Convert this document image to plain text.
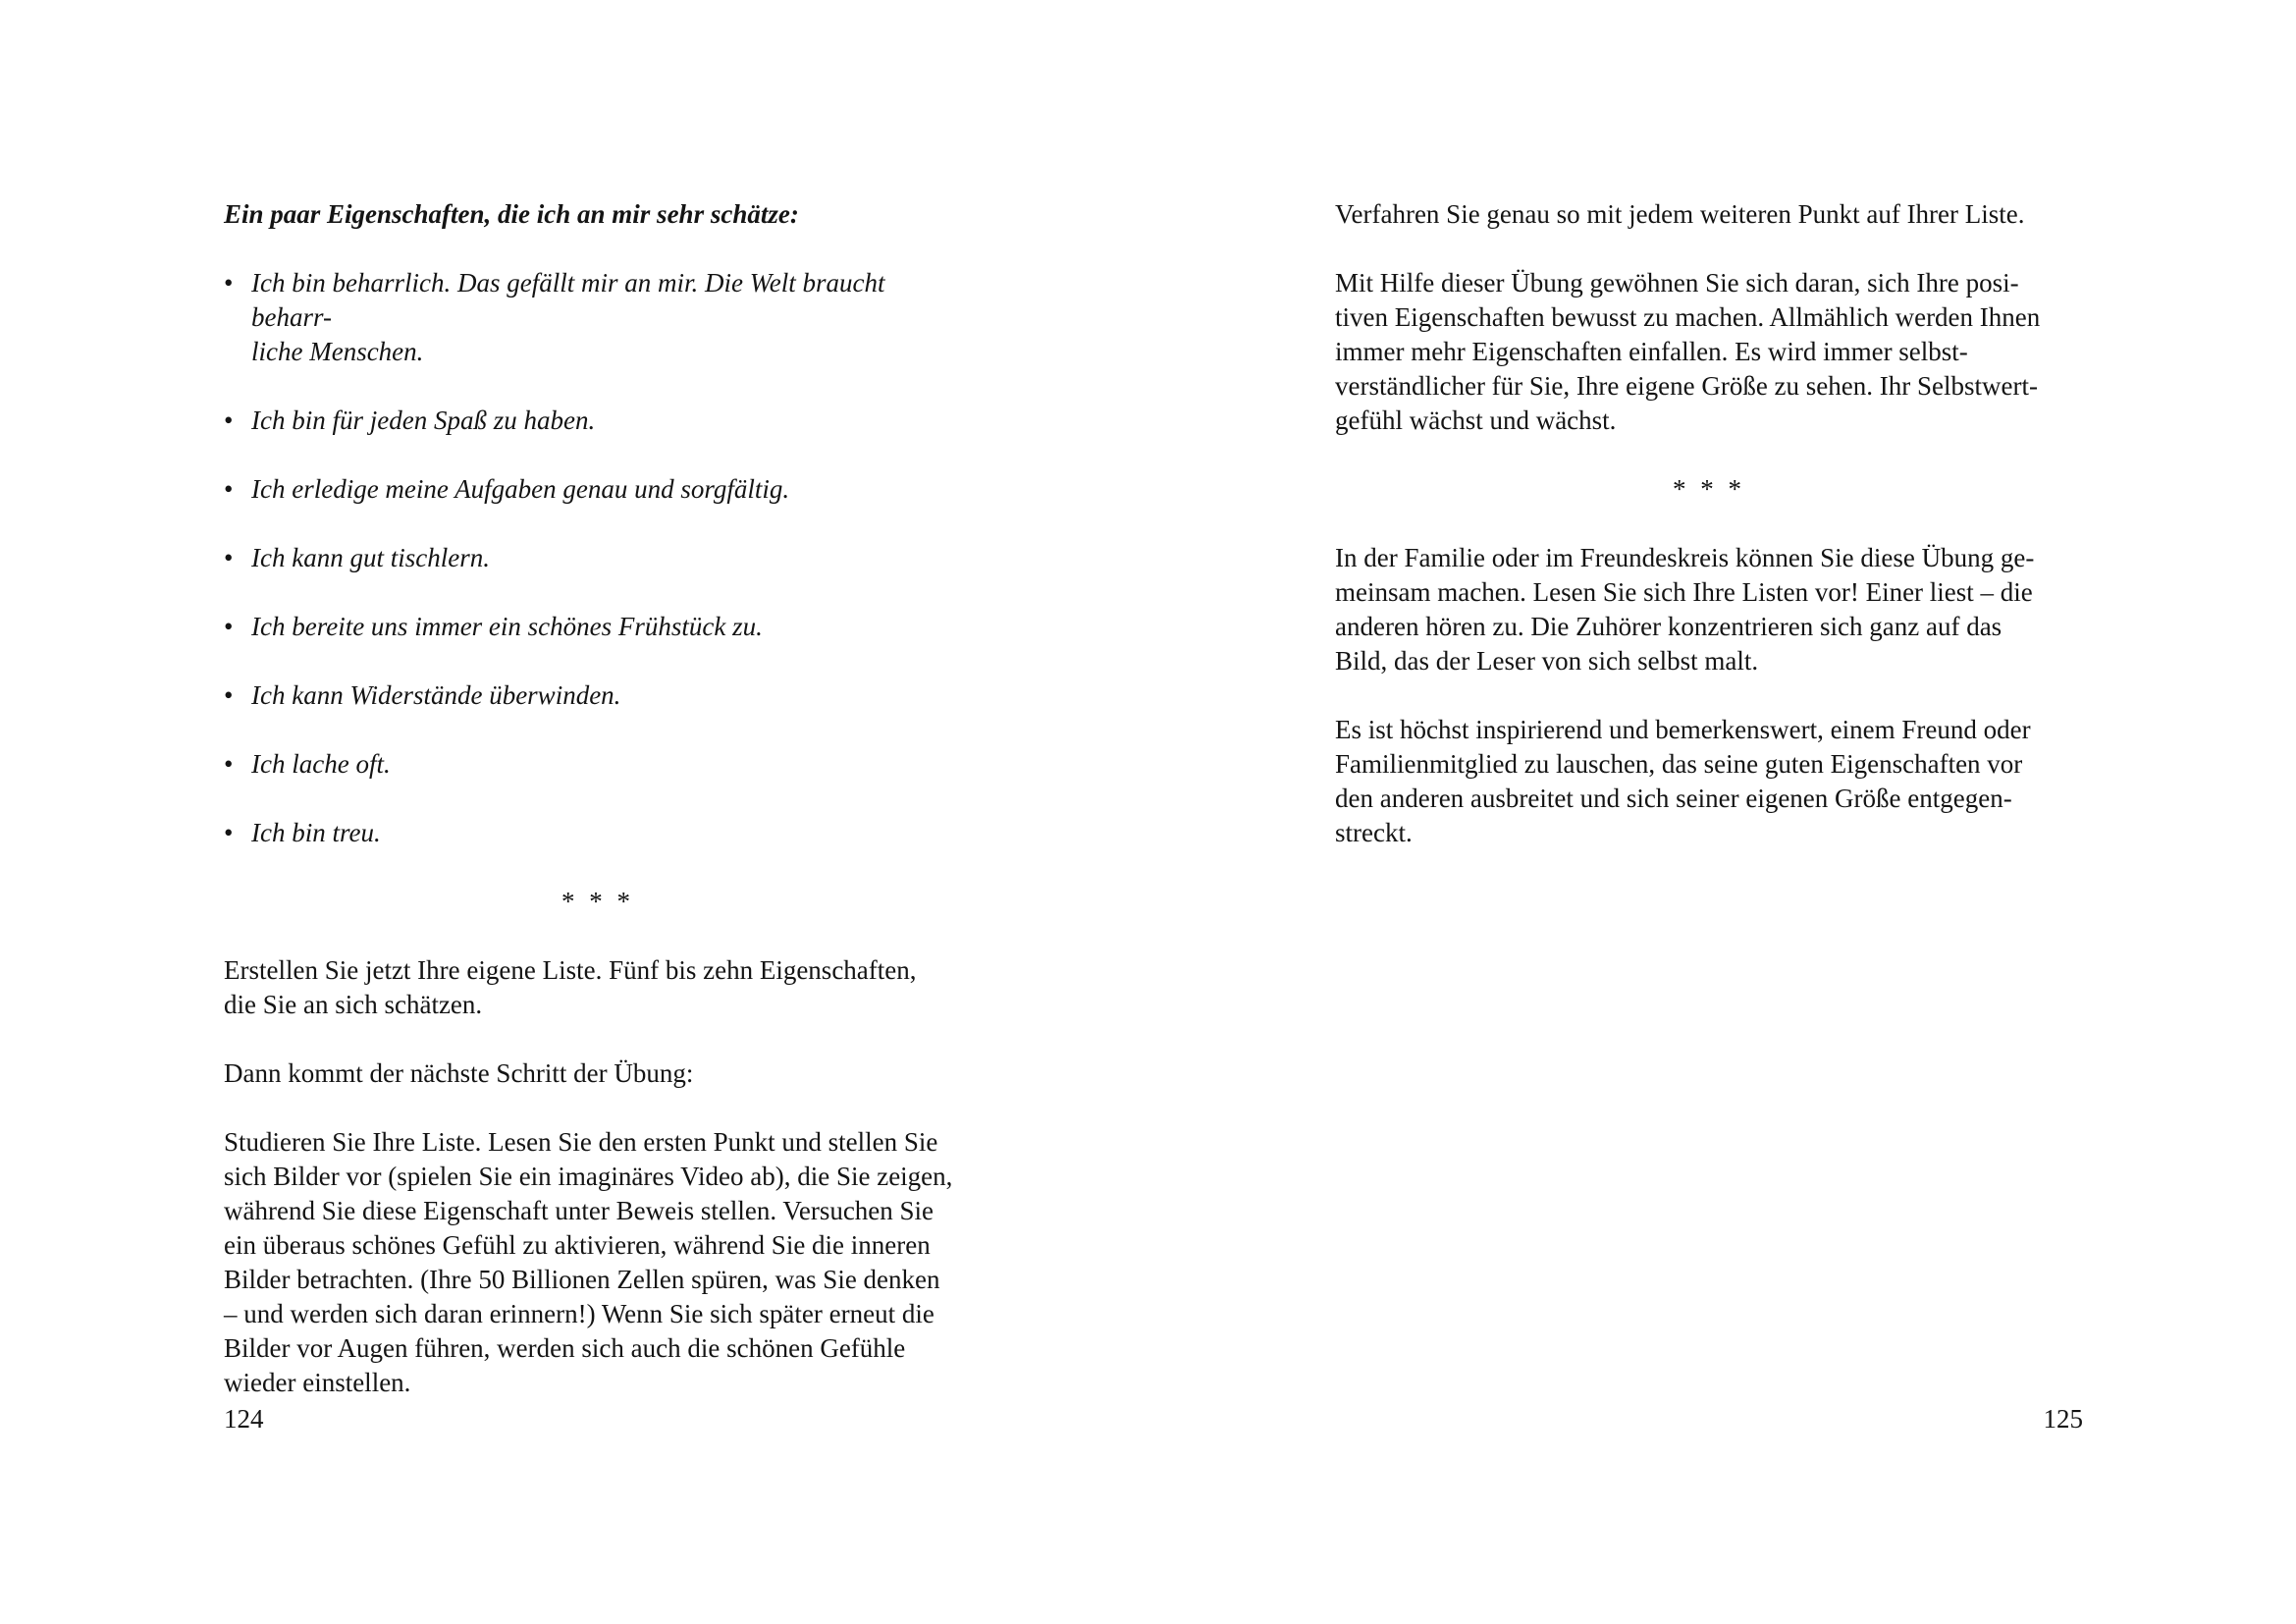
Ein paar Eigenschaften, die ich an mir sehr schätze:

• Ich bin beharrlich. Das gefällt mir an mir. Die Welt braucht beharr-
liche Menschen.
• Ich bin für jeden Spaß zu haben.
• Ich erledige meine Aufgaben genau und sorgfältig.
• Ich kann gut tischlern.
• Ich bereite uns immer ein schönes Frühstück zu.
• Ich kann Widerstände überwinden.
• Ich lache oft.
• Ich bin treu.
* * *

Erstellen Sie jetzt Ihre eigene Liste. Fünf bis zehn Eigenschaften,
die Sie an sich schätzen.

Dann kommt der nächste Schritt der Übung:

Studieren Sie Ihre Liste. Lesen Sie den ersten Punkt und stellen Sie
sich Bilder vor (spielen Sie ein imaginäres Video ab), die Sie zeigen,
während Sie diese Eigenschaft unter Beweis stellen. Versuchen Sie
ein überaus schönes Gefühl zu aktivieren, während Sie die inneren
Bilder betrachten. (Ihre 50 Billionen Zellen spüren, was Sie denken
– und werden sich daran erinnern!) Wenn Sie sich später erneut die
Bilder vor Augen führen, werden sich auch die schönen Gefühle
wieder einstellen.

124

Verfahren Sie genau so mit jedem weiteren Punkt auf Ihrer Liste.

Mit Hilfe dieser Übung gewöhnen Sie sich daran, sich Ihre posi-
tiven Eigenschaften bewusst zu machen. Allmählich werden Ihnen
immer mehr Eigenschaften einfallen. Es wird immer selbst-
verständlicher für Sie, Ihre eigene Größe zu sehen. Ihr Selbstwert-
gefühl wächst und wächst.

* * *

In der Familie oder im Freundeskreis können Sie diese Übung ge-
meinsam machen. Lesen Sie sich Ihre Listen vor! Einer liest – die
anderen hören zu. Die Zuhörer konzentrieren sich ganz auf das
Bild, das der Leser von sich selbst malt.

Es ist höchst inspirierend und bemerkenswert, einem Freund oder
Familienmitglied zu lauschen, das seine guten Eigenschaften vor
den anderen ausbreitet und sich seiner eigenen Größe entgegen-
streckt.

125
